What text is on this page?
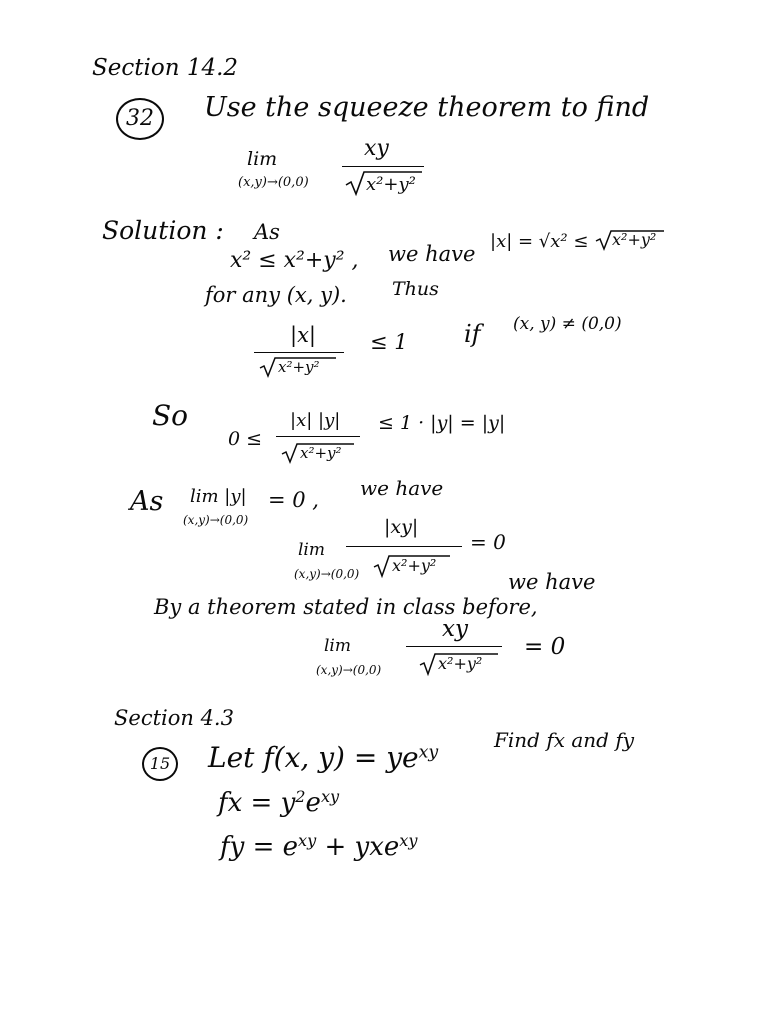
Section 14.2
32 Use the squeeze theorem to find
lim
(x,y)→(0,0)
xy
x²+y²
Solution : As
x² ≤ x²+y² , we have
|x| = √x² ≤ x²+y²
for any (x, y). Thus
|x|
x²+y²
≤ 1 if (x, y) ≠ (0,0)
So
0 ≤
|x| |y|
x²+y²
≤ 1 · |y| = |y|
As lim |y|
(x,y)→(0,0)
= 0 , we have
lim
(x,y)→(0,0)
|xy|
x²+y²
= 0
By a theorem stated in class before,
we have
lim
(x,y)→(0,0)
xy
x²+y²
= 0
Section 4.3
15 Let f(x, $y) = ye^{xy}$
Find fx and fy
fx = $y^2e^{xy}$
fy = $e^{xy} + yxe^{xy}$
